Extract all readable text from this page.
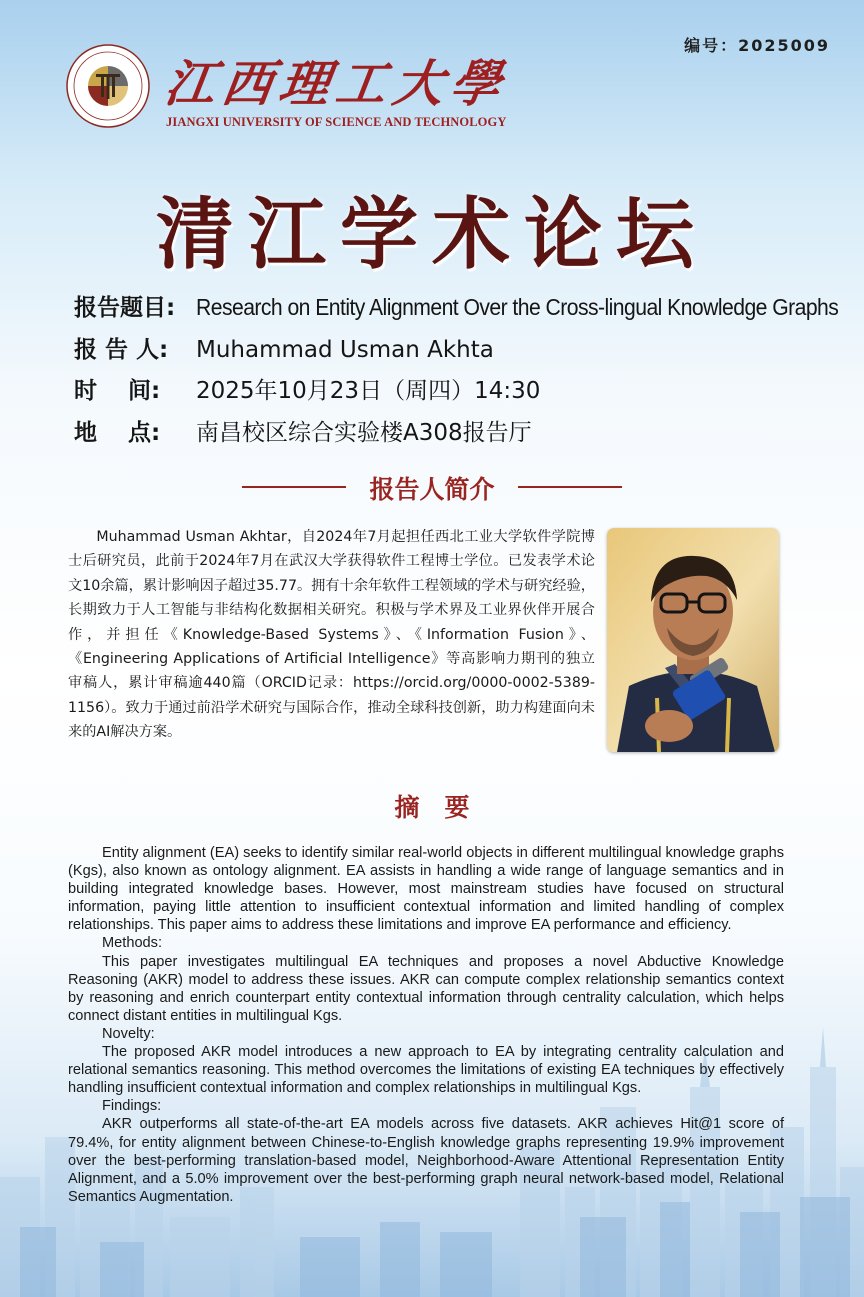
编号：2025009
江西理工大學
JIANGXI UNIVERSITY OF SCIENCE AND TECHNOLOGY
清江学术论坛
报告题目: Research on Entity Alignment Over the Cross-lingual Knowledge Graphs
报 告 人: Muhammad Usman Akhta
时　 间: 2025年10月23日（周四）14:30
地　 点: 南昌校区综合实验楼A308报告厅
报告人简介
Muhammad Usman Akhtar，自2024年7月起担任西北工业大学软件学院博士后研究员，此前于2024年7月在武汉大学获得软件工程博士学位。已发表学术论文10余篇，累计影响因子超过35.77。拥有十余年软件工程领域的学术与研究经验，长期致力于人工智能与非结构化数据相关研究。积极与学术界及工业界伙伴开展合作，并担任《Knowledge-Based Systems》、《Information Fusion》、《Engineering Applications of Artificial Intelligence》等高影响力期刊的独立审稿人，累计审稿逾440篇（ORCID记录：https://orcid.org/0000-0002-5389-1156）。致力于通过前沿学术研究与国际合作，推动全球科技创新，助力构建面向未来的AI解决方案。
摘　要

Entity alignment (EA) seeks to identify similar real-world objects in different multilingual knowledge graphs (Kgs), also known as ontology alignment. EA assists in handling a wide range of language semantics and in building integrated knowledge bases. However, most mainstream studies have focused on structural information, paying little attention to insufficient contextual information and limited handling of complex relationships. This paper aims to address these limitations and improve EA performance and efficiency.

Methods:

This paper investigates multilingual EA techniques and proposes a novel Abductive Knowledge Reasoning (AKR) model to address these issues. AKR can compute complex relationship semantics context by reasoning and enrich counterpart entity contextual information through centrality calculation, which helps connect distant entities in multilingual Kgs.

Novelty:

The proposed AKR model introduces a new approach to EA by integrating centrality calculation and relational semantics reasoning. This method overcomes the limitations of existing EA techniques by effectively handling insufficient contextual information and complex relationships in multilingual Kgs.

Findings:

AKR outperforms all state-of-the-art EA models across five datasets. AKR achieves Hit@1 score of 79.4%, for entity alignment between Chinese-to-English knowledge graphs representing 19.9% improvement over the best-performing translation-based model, Neighborhood-Aware Attentional Representation Entity Alignment, and a 5.0% improvement over the best-performing graph neural network-based model, Relational Semantics Augmentation.
